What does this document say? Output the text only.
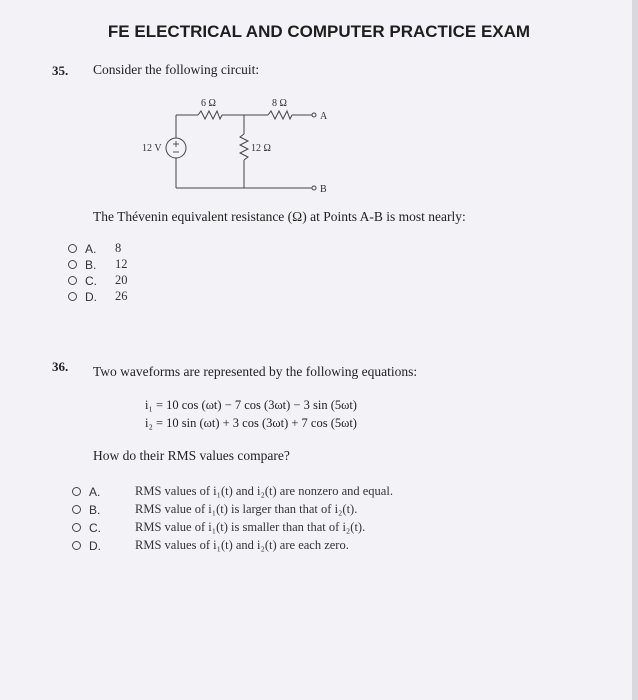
FE ELECTRICAL AND COMPUTER PRACTICE EXAM
35. Consider the following circuit:
6 Ω	8 Ω
12 Ω
12 V
A
B
The Thévenin equivalent resistance (Ω) at Points A-B is most nearly:
A.	8
B.	12
C.	20
D.	26
36. Two waveforms are represented by the following equations:
i₁ = 10 cos (ωt) − 7 cos (3ωt) − 3 sin (5ωt)
i₂ = 10 sin (ωt) + 3 cos (3ωt) + 7 cos (5ωt)
How do their RMS values compare?
A.	RMS values of i₁(t) and i₂(t) are nonzero and equal.
B.	RMS value of i₁(t) is larger than that of i₂(t).
C.	RMS value of i₁(t) is smaller than that of i₂(t).
D.	RMS values of i₁(t) and i₂(t) are each zero.
